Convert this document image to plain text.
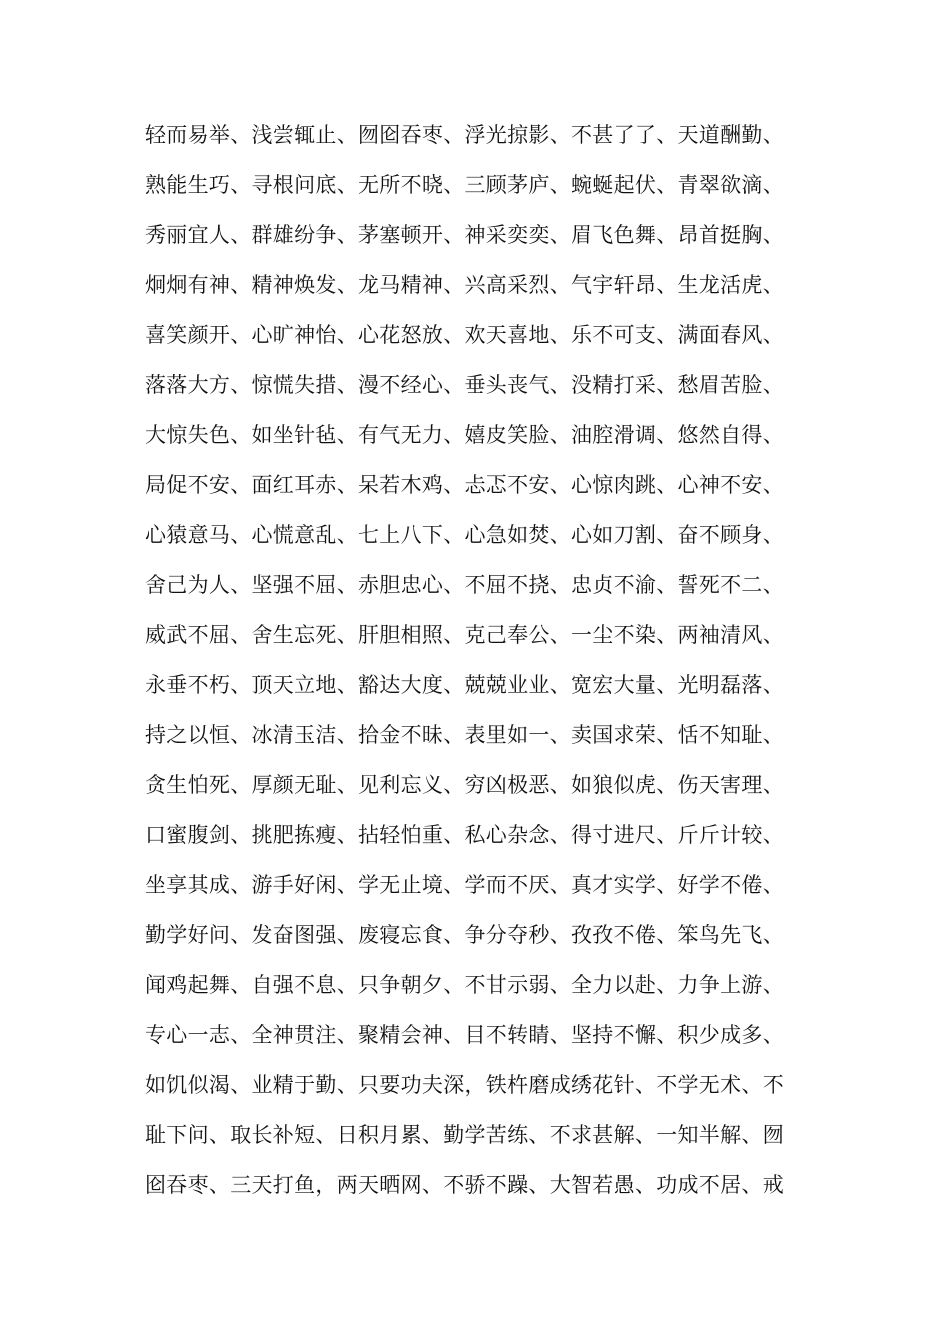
轻而易举、浅尝辄止、囫囵吞枣、浮光掠影、不甚了了、天道酬勤、
熟能生巧、寻根问底、无所不晓、三顾茅庐、蜿蜒起伏、青翠欲滴、
秀丽宜人、群雄纷争、茅塞顿开、神采奕奕、眉飞色舞、昂首挺胸、
炯炯有神、精神焕发、龙马精神、兴高采烈、气宇轩昂、生龙活虎、
喜笑颜开、心旷神怡、心花怒放、欢天喜地、乐不可支、满面春风、
落落大方、惊慌失措、漫不经心、垂头丧气、没精打采、愁眉苦脸、
大惊失色、如坐针毡、有气无力、嬉皮笑脸、油腔滑调、悠然自得、
局促不安、面红耳赤、呆若木鸡、忐忑不安、心惊肉跳、心神不安、
心猿意马、心慌意乱、七上八下、心急如焚、心如刀割、奋不顾身、
舍己为人、坚强不屈、赤胆忠心、不屈不挠、忠贞不渝、誓死不二、
威武不屈、舍生忘死、肝胆相照、克己奉公、一尘不染、两袖清风、
永垂不朽、顶天立地、豁达大度、兢兢业业、宽宏大量、光明磊落、
持之以恒、冰清玉洁、拾金不昧、表里如一、卖国求荣、恬不知耻、
贪生怕死、厚颜无耻、见利忘义、穷凶极恶、如狼似虎、伤天害理、
口蜜腹剑、挑肥拣瘦、拈轻怕重、私心杂念、得寸进尺、斤斤计较、
坐享其成、游手好闲、学无止境、学而不厌、真才实学、好学不倦、
勤学好问、发奋图强、废寝忘食、争分夺秒、孜孜不倦、笨鸟先飞、
闻鸡起舞、自强不息、只争朝夕、不甘示弱、全力以赴、力争上游、
专心一志、全神贯注、聚精会神、目不转睛、坚持不懈、积少成多、
如饥似渴、业精于勤、只要功夫深，铁杵磨成绣花针、不学无术、不
耻下问、取长补短、日积月累、勤学苦练、不求甚解、一知半解、囫
囵吞枣、三天打鱼，两天晒网、不骄不躁、大智若愚、功成不居、戒
